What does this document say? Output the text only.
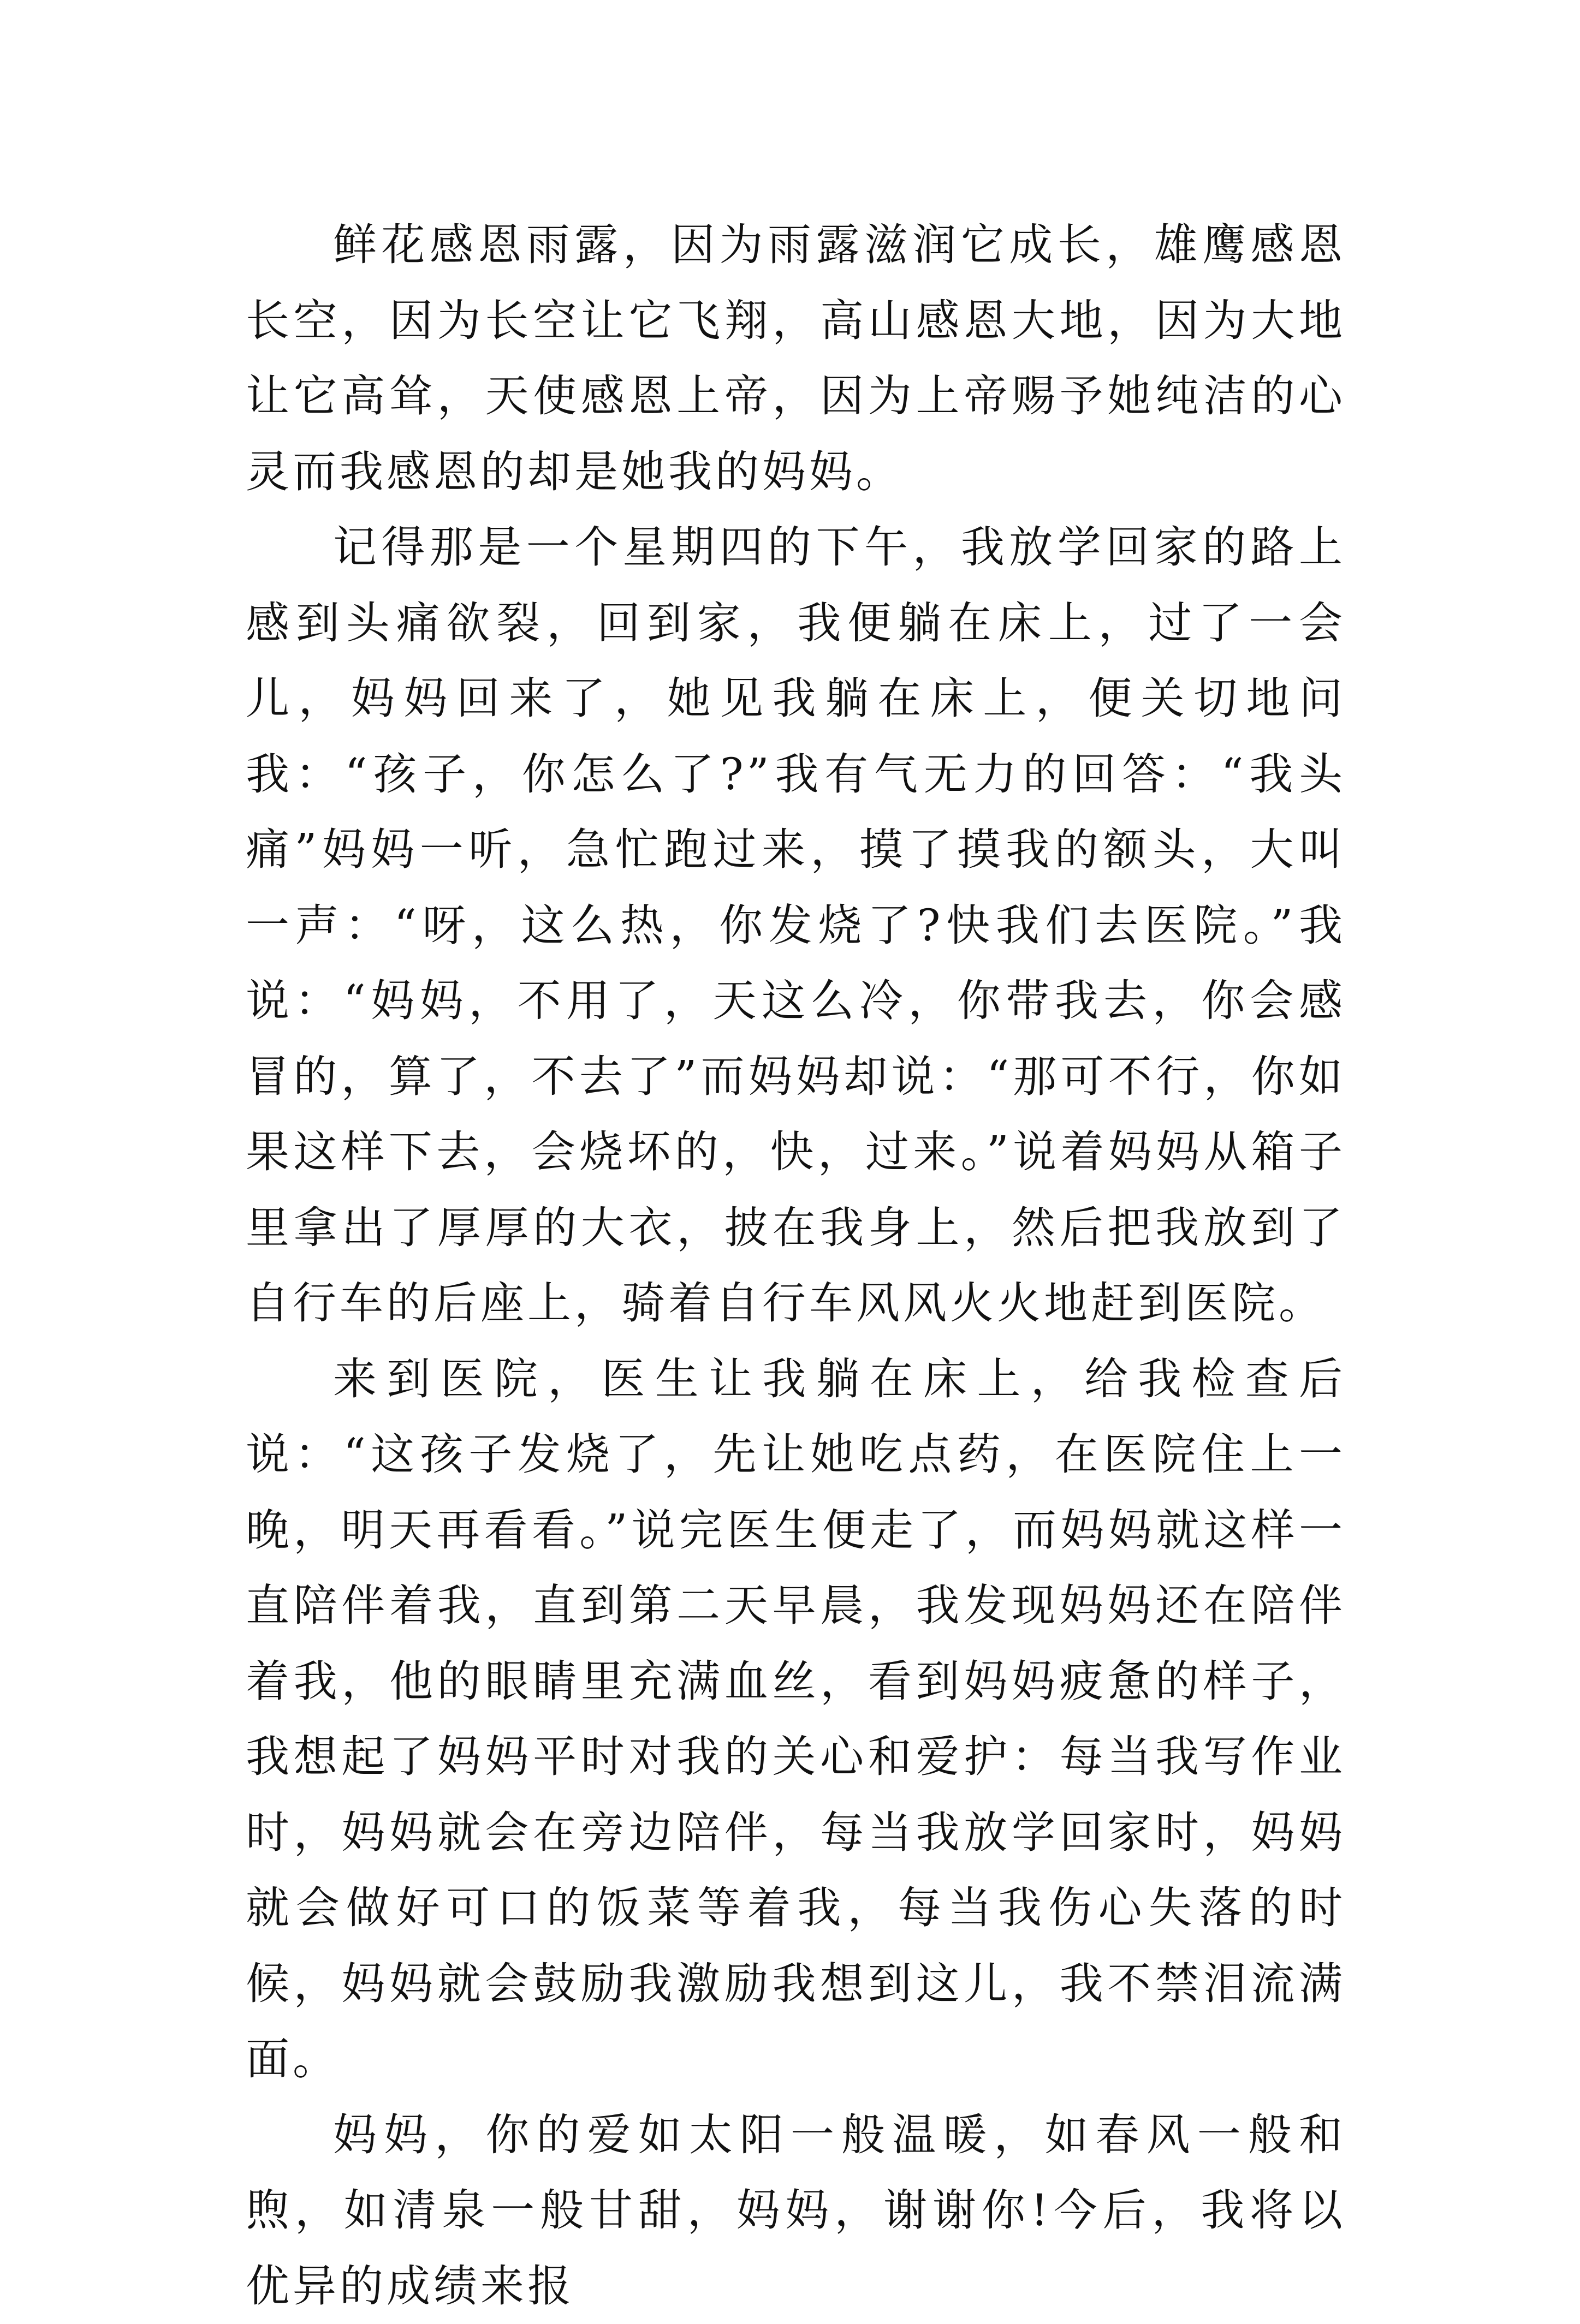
鲜花感恩雨露，因为雨露滋润它成长，雄鹰感恩长空，因为长空让它飞翔，高山感恩大地，因为大地让它高耸，天使感恩上帝，因为上帝赐予她纯洁的心灵而我感恩的却是她我的妈妈。

记得那是一个星期四的下午，我放学回家的路上感到头痛欲裂，回到家，我便躺在床上，过了一会儿，妈妈回来了，她见我躺在床上，便关切地问我：“孩子，你怎么了?”我有气无力的回答：“我头痛”妈妈一听，急忙跑过来，摸了摸我的额头，大叫一声：“呀，这么热，你发烧了?快我们去医院。”我说：“妈妈，不用了，天这么冷，你带我去，你会感冒的，算了，不去了”而妈妈却说：“那可不行，你如果这样下去，会烧坏的，快，过来。”说着妈妈从箱子里拿出了厚厚的大衣，披在我身上，然后把我放到了自行车的后座上，骑着自行车风风火火地赶到医院。

来到医院，医生让我躺在床上，给我检查后说：“这孩子发烧了，先让她吃点药，在医院住上一晚，明天再看看。”说完医生便走了，而妈妈就这样一直陪伴着我，直到第二天早晨，我发现妈妈还在陪伴着我，他的眼睛里充满血丝，看到妈妈疲惫的样子，我想起了妈妈平时对我的关心和爱护：每当我写作业时，妈妈就会在旁边陪伴，每当我放学回家时，妈妈就会做好可口的饭菜等着我，每当我伤心失落的时候，妈妈就会鼓励我激励我想到这儿，我不禁泪流满面。

妈妈，你的爱如太阳一般温暖，如春风一般和煦，如清泉一般甘甜，妈妈，谢谢你!今后，我将以优异的成绩来报
